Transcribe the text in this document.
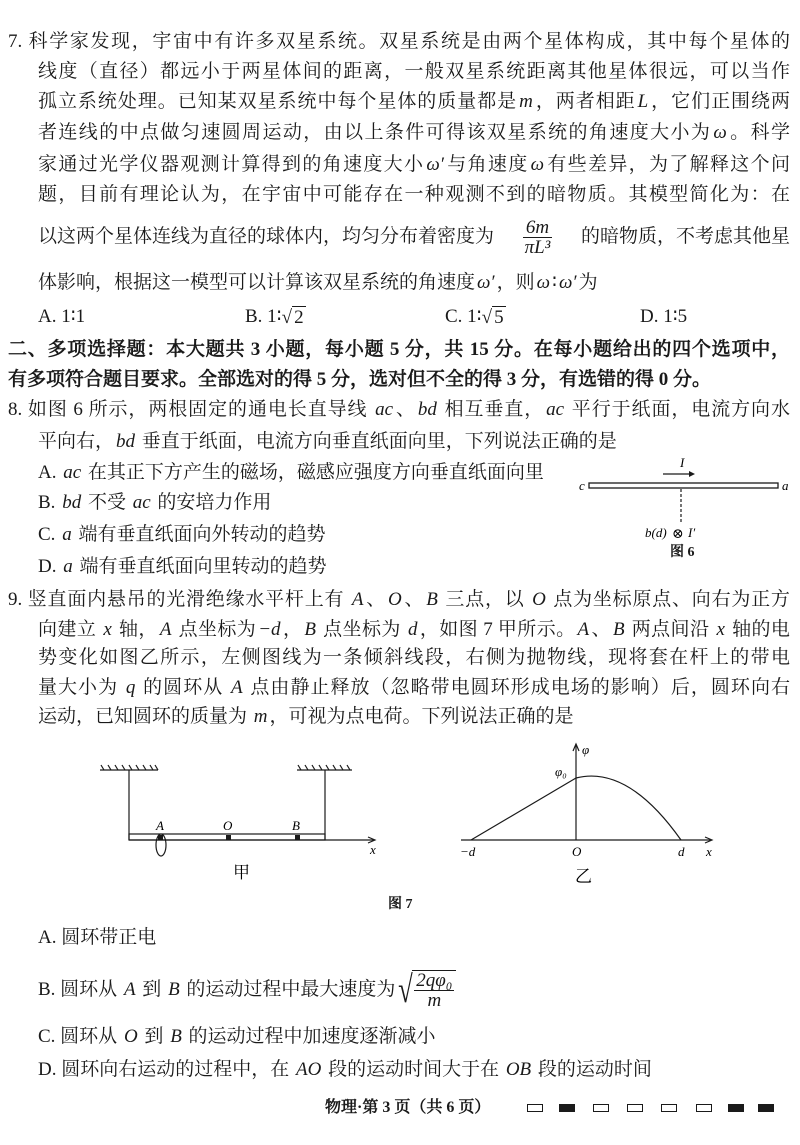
7. 科学家发现，宇宙中有许多双星系统。双星系统是由两个星体构成，其中每个星体的
线度（直径）都远小于两星体间的距离，一般双星系统距离其他星体很远，可以当作
孤立系统处理。已知某双星系统中每个星体的质量都是 m ，两者相距 L ，它们正围绕两
者连线的中点做匀速圆周运动，由以上条件可得该双星系统的角速度大小为 ω 。科学
家通过光学仪器观测计算得到的角速度大小 ω′ 与角速度 ω 有些差异，为了解释这个问
题，目前有理论认为，在宇宙中可能存在一种观测不到的暗物质。其模型简化为：在
以这两个星体连线为直径的球体内，均匀分布着密度为 $\frac{6m}{\text{πL³}}$ 的暗物质，不考虑其他星
体影响，根据这一模型可以计算该双星系统的角速度 ω′ ，则 ω ∶ ω′ 为
A. 1∶1	B. 1∶√ 2	C. 1∶√ 5	D. 1∶5
二、多项选择题：本大题共 3 小题，每小题 5 分，共 15 分。在每小题给出的四个选项中，
有多项符合题目要求。全部选对的得 5 分，选对但不全的得 3 分，有选错的得 0 分。
8. 如图 6 所示，两根固定的通电长直导线 ac 、 bd 相互垂直， ac 平行于纸面，电流方向水
平向右， bd 垂直于纸面，电流方向垂直纸面向里，下列说法正确的是
A. ac 在其正下方产生的磁场，磁感应强度方向垂直纸面向里
B. bd 不受 ac 的安培力作用
C. a 端有垂直纸面向外转动的趋势
D. a 端有垂直纸面向里转动的趋势
I
c	a
b(d) ⊗ I′
图 6
9. 竖直面内悬吊的光滑绝缘水平杆上有 A 、 O 、 B 三点，以 O 点为坐标原点、向右为正方
向建立 x 轴， A 点坐标为 −d ， B 点坐标为 d ，如图 7 甲所示。 A 、 B 两点间沿 x 轴的电
势变化如图乙所示，左侧图线为一条倾斜线段，右侧为抛物线，现将套在杆上的带电
量大小为 q 的圆环从 A 点由静止释放（忽略带电圆环形成电场的影响）后，圆环向右
运动，已知圆环的质量为 m ，可视为点电荷。下列说法正确的是
A	O	B
x
甲
φ
φ₀
−d	O	d x
乙
图 7
A. 圆环带正电
B. 圆环从 A 到 B 的运动过程中最大速度为 √ $\frac{\text{2qφ₀}}{m}$
C. 圆环从 O 到 B 的运动过程中加速度逐渐减小
D. 圆环向右运动的过程中，在 AO 段的运动时间大于在 OB 段的运动时间
物理·第 3 页（共 6 页）
